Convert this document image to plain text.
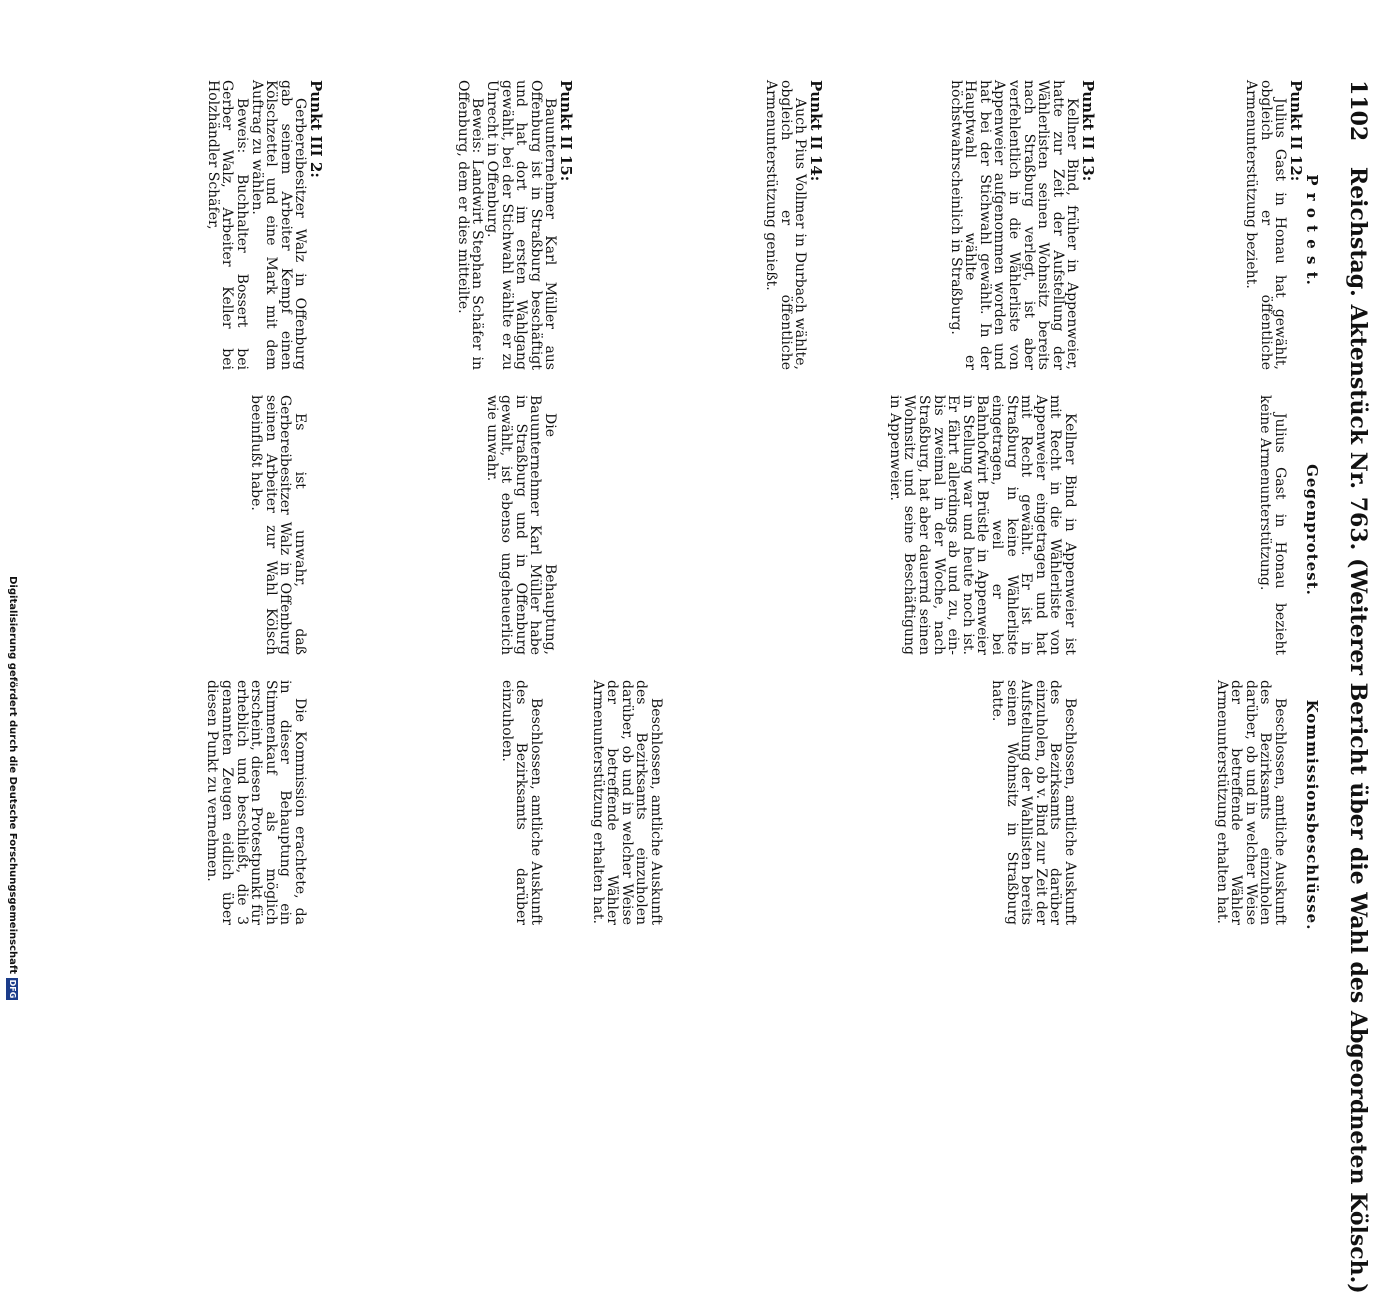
1102 Reichstag. Aktenstück Nr. 763. (Weiterer Bericht über die Wahl des Abgeordneten Kölsch.)
P r o t e s t.
Gegenprotest.
Kommissionsbeschlüsse.

Punkt II 12:

Julius Gast in Honau hat gewählt, obgleich er öffentliche Armenunterstützung bezieht.

Julius Gast in Honau bezieht keine Armenunterstützung.

Beschlossen, amtliche Auskunft des Bezirksamts einzuholen darüber, ob und in welcher Weise der betreffende Wähler Armenunterstützung erhalten hat.

Punkt II 13:

Kellner Bind, früher in Appenweier, hatte zur Zeit der Aufstellung der Wählerlisten seinen Wohnsitz bereits nach Straßburg verlegt, ist aber verfehlentlich in die Wählerliste von Appenweier aufgenommen worden und hat bei der Stichwahl gewählt. In der Hauptwahl wählte er höchstwahrscheinlich in Straßburg.

Kellner Bind in Appenweier ist mit Recht in die Wählerliste von Appenweier eingetragen und hat mit Recht gewählt. Er ist in Straßburg in keine Wählerliste eingetragen, weil er bei Bahnhofwirt Brüstle in Appenweier in Stellung war und heute noch ist. Er fährt allerdings ab und zu, ein- bis zweimal in der Woche, nach Straßburg, hat aber dauernd seinen Wohnsitz und seine Beschäftigung in Appenweier.

Beschlossen, amtliche Auskunft des Bezirksamts darüber einzuholen, ob v. Bind zur Zeit der Aufstellung der Wahllisten bereits seinen Wohnsitz in Straßburg hatte.

Punkt II 14:

Auch Pius Vollmer in Durbach wählte, obgleich er öffentliche Armenunterstützung genießt.

Beschlossen, amtliche Auskunft des Bezirksamts einzuholen darüber, ob und in welcher Weise der betreffende Wähler Armenunterstützung erhalten hat.

Punkt II 15:

Bauunternehmer Karl Müller aus Offenburg ist in Straßburg beschäftigt und hat dort im ersten Wahlgang gewählt, bei der Stichwahl wählte er zu Unrecht in Offenburg.

Beweis: Landwirt Stephan Schäfer in Offenburg, dem er dies mitteilte.

Die Behauptung, Bauunternehmer Karl Müller habe in Straßburg und in Offenburg gewählt, ist ebenso ungeheuerlich wie unwahr.

Beschlossen, amtliche Auskunft des Bezirksamts darüber einzuholen.

Punkt III 2:

Gerbereibesitzer Walz in Offenburg gab seinem Arbeiter Kempf einen Kölschzettel und eine Mark mit dem Auftrag zu wählen.

Beweis: Buchhalter Bossert bei Gerber Walz, Arbeiter Keller bei Holzhändler Schäfer,

Es ist unwahr, daß Gerbereibesitzer Walz in Offenburg seinen Arbeiter zur Wahl Kölsch beeinflußt habe.

Die Kommission erachtete, da in dieser Behauptung ein Stimmenkauf als möglich erscheint, diesen Protestpunkt für erheblich und beschließt, die 3 genannten Zeugen eidlich über diesen Punkt zu vernehmen.

Digitalisierung gefördert durch die Deutsche Forschungsgemeinschaft
DFG
